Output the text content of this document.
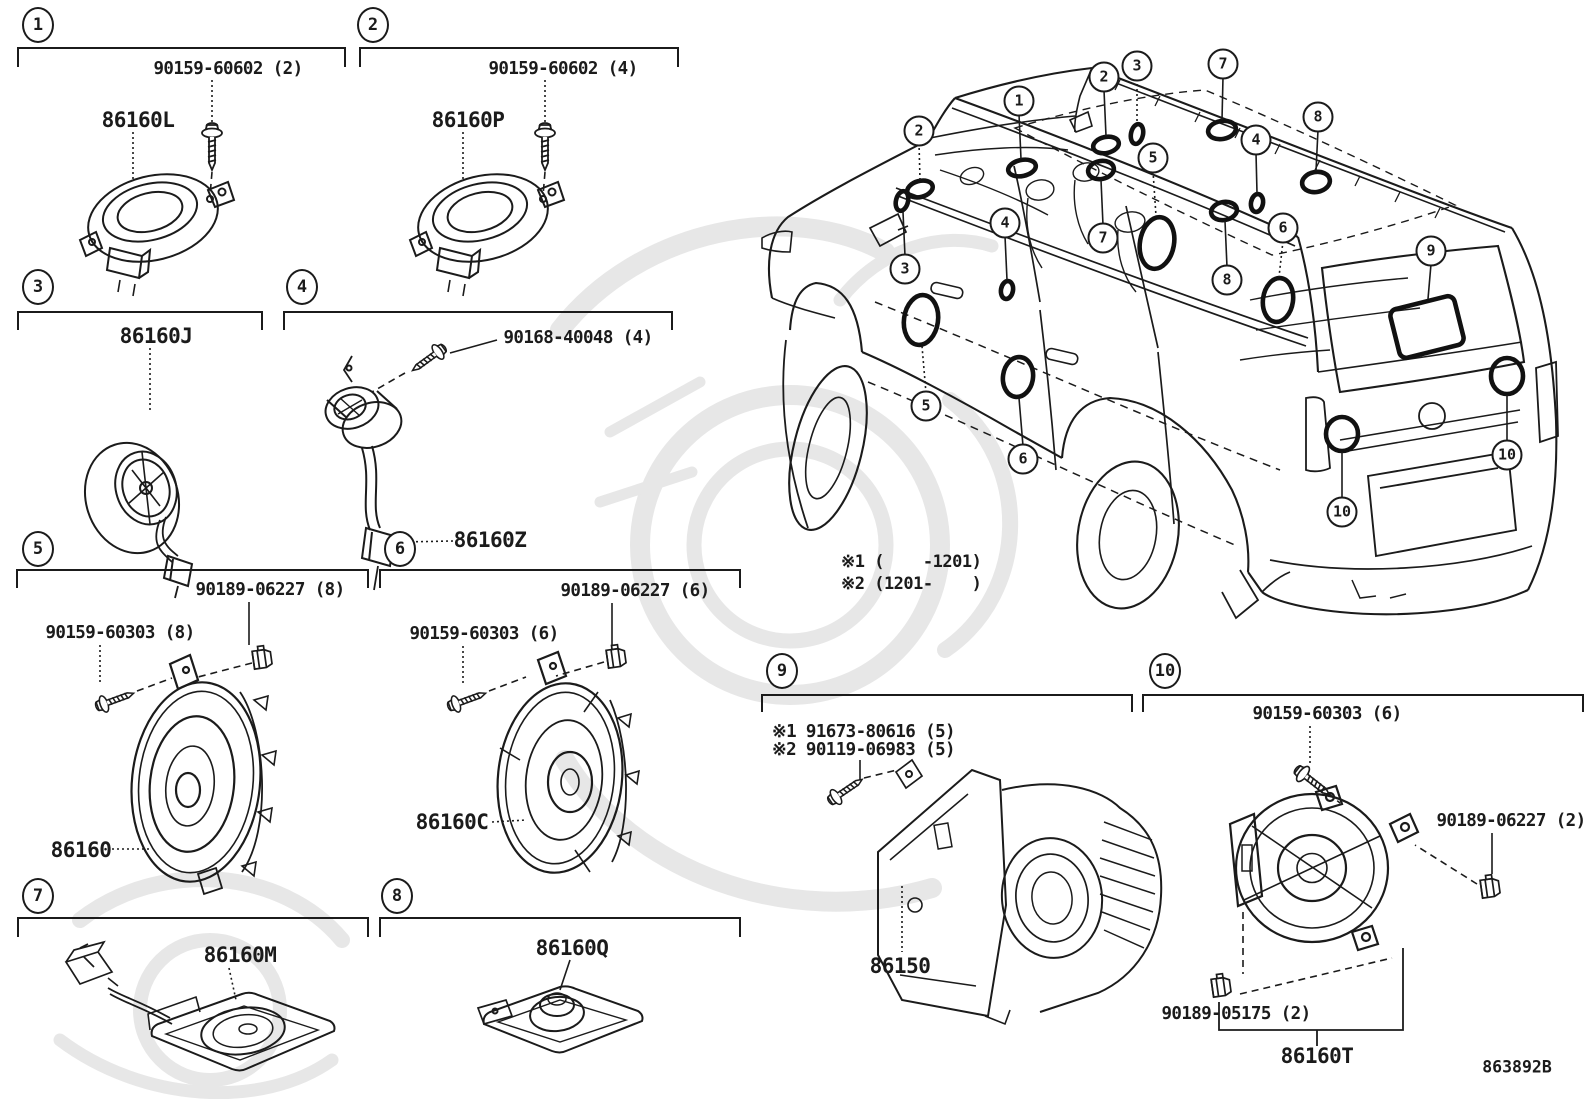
1	2
3	4
5	6
7	8
9	10
90159-60602 (2)
86160L
90159-60602 (4)
86160P
86160J	90168-40048 (4)
86160Z
90189-06227 (8)
90159-60303 (8)
86160
90189-06227 (6)
90159-60303 (6)
86160C
86160M	86160Q
※1 91673-80616 (5)
※2 90119-06983 (5)
86150
90159-60303 (6)
90189-06227 (2)
90189-05175 (2)
86160T
※1 (    -1201)
※2 (1201-    )
863892B
2
1
2
3	7
8
4
5
7
4
3
8
6
5
6
9
10
10
